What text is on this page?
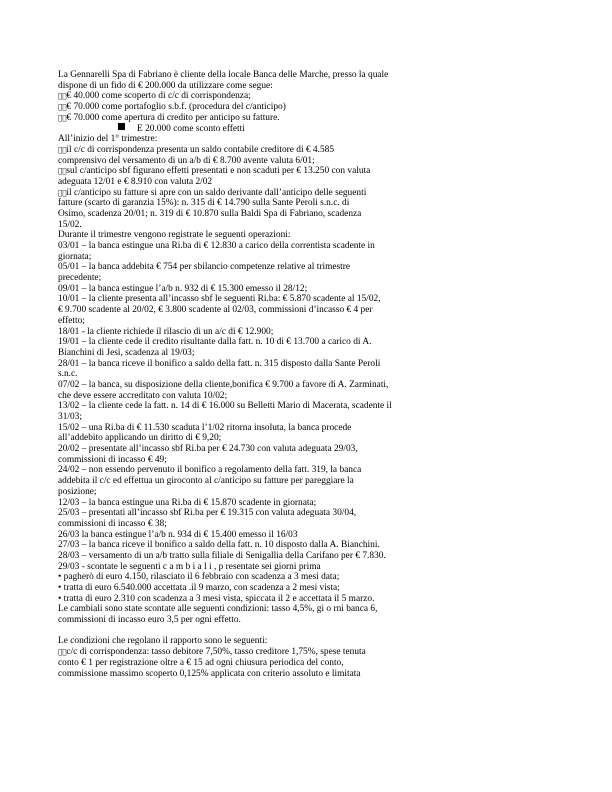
La Gennarelli Spa di Fabriano è cliente della locale Banca delle Marche, presso la quale
dispone di un fido di € 200.000 da utilizzare come segue:
€ 40.000 come scoperto di c/c di corrispondenza;
€ 70.000 come portafoglio s.b.f. (procedura del c/anticipo)
€ 70.000 come apertura di credito per anticipo su fatture.
E 20.000 come sconto effetti
All’inizio del 1° trimestre:
il c/c di corrispondenza presenta un saldo contabile creditore di € 4.585
comprensivo del versamento di un a/b di € 8.700 avente valuta 6/01;
sul c/anticipo sbf figurano effetti presentati e non scaduti per € 13.250 con valuta
adeguata 12/01 e € 8.910 con valuta 2/02
il c/anticipo su fatture si apre con un saldo derivante dall’anticipo delle seguenti
fatture (scarto di garanzia 15%): n. 315 di € 14.790 sulla Sante Peroli s.n.c. di
Osimo, scadenza 20/01; n. 319 di € 10.870 sulla Baldi Spa di Fabriano, scadenza
15/02.
Durante il trimestre vengono registrate le seguenti operazioni:
03/01 – la banca estingue una Ri.ba di € 12.830 a carico della correntista scadente in
giornata;
05/01 – la banca addebita € 754 per sbilancio competenze relative al trimestre
precedente;
09/01 – la banca estingue l’a/b n. 932 di € 15.300 emesso il 28/12;
10/01 – la cliente presenta all’incasso sbf le seguenti Ri.ba: € 5.870 scadente al 15/02,
€ 9.700 scadente al 20/02, € 3.800 scadente al 02/03, commissioni d’incasso € 4 per
effetto;
18/01 - la cliente richiede il rilascio di un a/c di € 12.900;
19/01 – la cliente cede il credito risultante dalla fatt. n. 10 di € 13.700 a carico di A.
Bianchini di Jesi, scadenza al 19/03;
28/01 – la banca riceve il bonifico a saldo della fatt. n. 315 disposto dalla Sante Peroli
s.n.c.
07/02 – la banca, su disposizione della cliente,bonifica € 9.700 a favore di A. Zarminati,
che deve essere accreditato con valuta 10/02;
13/02 – la cliente cede la fatt. n. 14 di € 16.000 su Belletti Mario di Macerata, scadente il
31/03;
15/02 – una Ri.ba di € 11.530 scaduta l’1/02 ritorna insoluta, la banca procede
all’addebito applicando un diritto di € 9,20;
20/02 – presentate all’incasso sbf Ri.ba per € 24.730 con valuta adeguata 29/03,
commissioni di incasso € 49;
24/02 – non essendo pervenuto il bonifico a regolamento della fatt. 319, la banca
addebita il c/c ed effettua un giroconto al c/anticipo su fatture per pareggiare la
posizione;
12/03 – la banca estingue una Ri.ba di € 15.870 scadente in giornata;
25/03 – presentati all’incasso sbf Ri.ba per € 19.315 con valuta adeguata 30/04,
commissioni di incasso € 38;
26/03 la banca estingue l’a/b n. 934 di € 15.400 emesso il 16/03
27/03 – la banca riceve il bonifico a saldo della fatt. n. 10 disposto dalla A. Bianchini.
28/03 – versamento di un a/b tratto sulla filiale di Senigallia della Carifano per € 7.830.
29/03 - scontate le seguenti c a m b i a l i , p resentate sei giorni prima
• pagherò di euro 4.150, rilasciato il 6 febbraio con scadenza a 3 mesi data;
• tratta di euro 6.540.000 accettata .il 9 marzo, con scadenza a 2 mesi vista;
• tratta di euro 2.310 con scadenza a 3 mesi vista, spiccata il 2 e accettata il 5 marzo.
Le cambiali sono state scontate alle seguenti condizioni: tasso 4,5%, gi o rni banca 6,
commissioni di incasso euro 3,5 per ogni effetto.
Le condizioni che regolano il rapporto sono le seguenti:
c/c di corrispondenza: tasso debitore 7,50%, tasso creditore 1,75%, spese tenuta
conto € 1 per registrazione oltre a € 15 ad ogni chiusura periodica del conto,
commissione massimo scoperto 0,125% applicata con criterio assoluto e limitata
